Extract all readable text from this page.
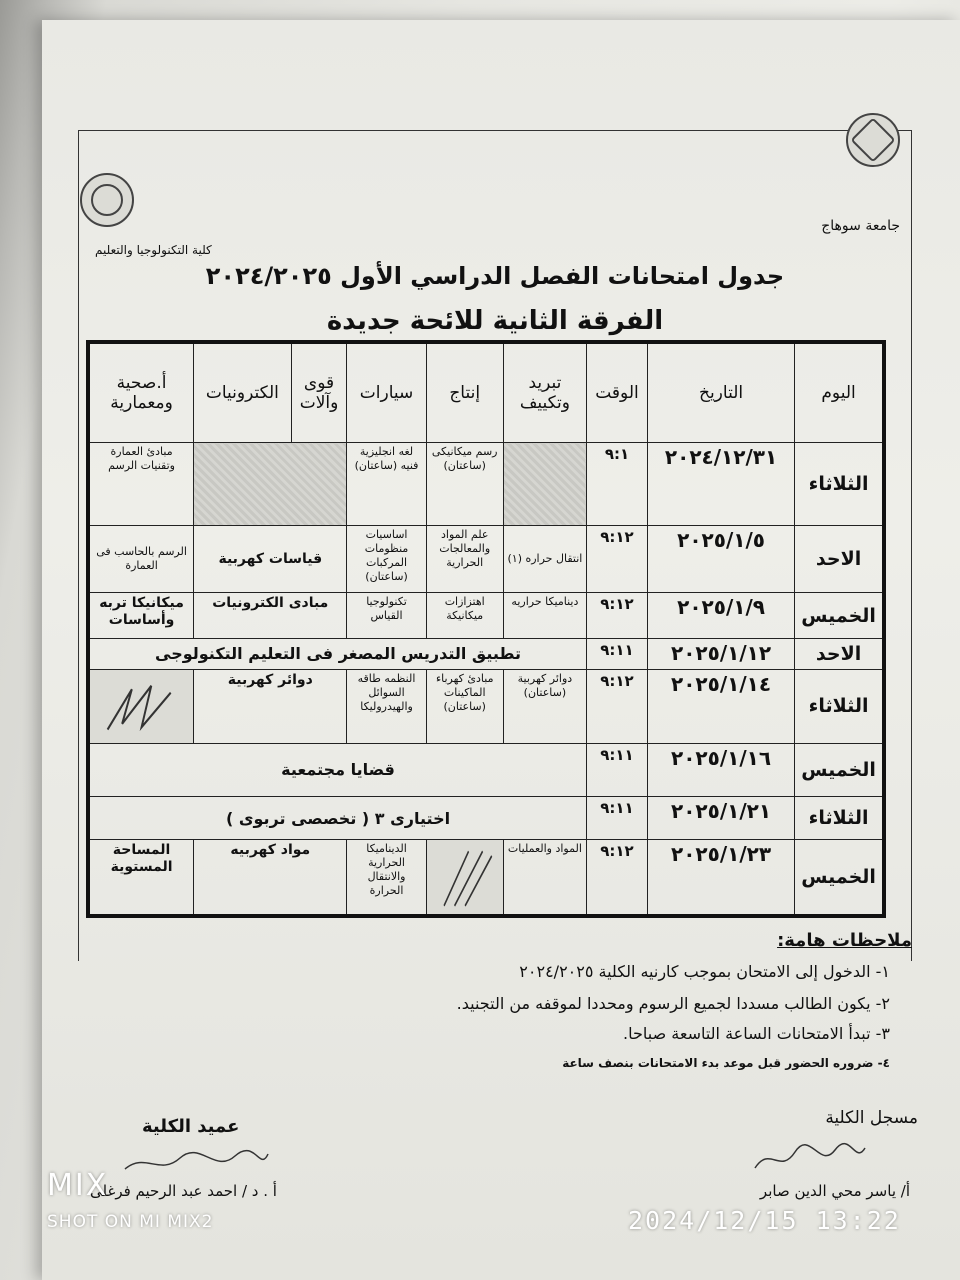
جامعة سوهاج
كلية التكنولوجيا والتعليم
جدول امتحانات الفصل الدراسي الأول ٢٠٢٤/٢٠٢٥
الفرقة الثانية للائحة جديدة
اليوم	التاريخ	الوقت	تبريد وتكييف	إنتاج	سيارات	قوى وآلات	الكترونيات	أ.صحية ومعمارية
الثلاثاء	٢٠٢٤/١٢/٣١	٩:١		رسم ميكانيكى (ساعتان)	لغه انجليزية فنيه (ساعتان)			مبادئ العمارة وتقنيات الرسم
الاحد	٢٠٢٥/١/٥	٩:١٢	انتقال حراره (١)	علم المواد والمعالجات الحرارية	اساسيات منظومات المركبات (ساعتان)	قياسات كهربية		الرسم بالحاسب فى العمارة
الخميس	٢٠٢٥/١/٩	٩:١٢	ديناميكا حراريه	اهتزازات ميكانيكة	تكنولوجيا القياس	مبادى الكترونيات		ميكانيكا تربه وأساسات
الاحد	٢٠٢٥/١/١٢	٩:١١	تطبيق التدريس المصغر فى التعليم التكنولوجى					
الثلاثاء	٢٠٢٥/١/١٤	٩:١٢	دوائر كهربية (ساعتان)	مبادئ كهرباء الماكينات (ساعتان)	النظمه طاقه السوائل والهيدروليكا	دوائر كهربية	

الخميس	٢٠٢٥/١/١٦	٩:١١	قضايا مجتمعية					
الثلاثاء	٢٠٢٥/١/٢١	٩:١١	اختيارى ٣ ( تخصصى تربوى )					
الخميس	٢٠٢٥/١/٢٣	٩:١٢	المواد والعمليات		الديناميكا الحرارية والانتقال الحرارة	مواد كهربيه		المساحة المستوية
ملاحظات هامة:
١- الدخول إلى الامتحان بموجب كارنيه الكلية ٢٠٢٤/٢٠٢٥
٢- يكون الطالب مسددا لجميع الرسوم ومحددا لموقفه من التجنيد.
٣- تبدأ الامتحانات الساعة التاسعة صباحا.
٤- ضروره الحضور قبل موعد بدء الامتحانات بنصف ساعة
مسجل الكلية
أ/ ياسر محي الدين صابر
عميد الكلية
أ . د / احمد عبد الرحيم فرغلى
MIX
SHOT ON MI MIX2	2024/12/15 13:22
